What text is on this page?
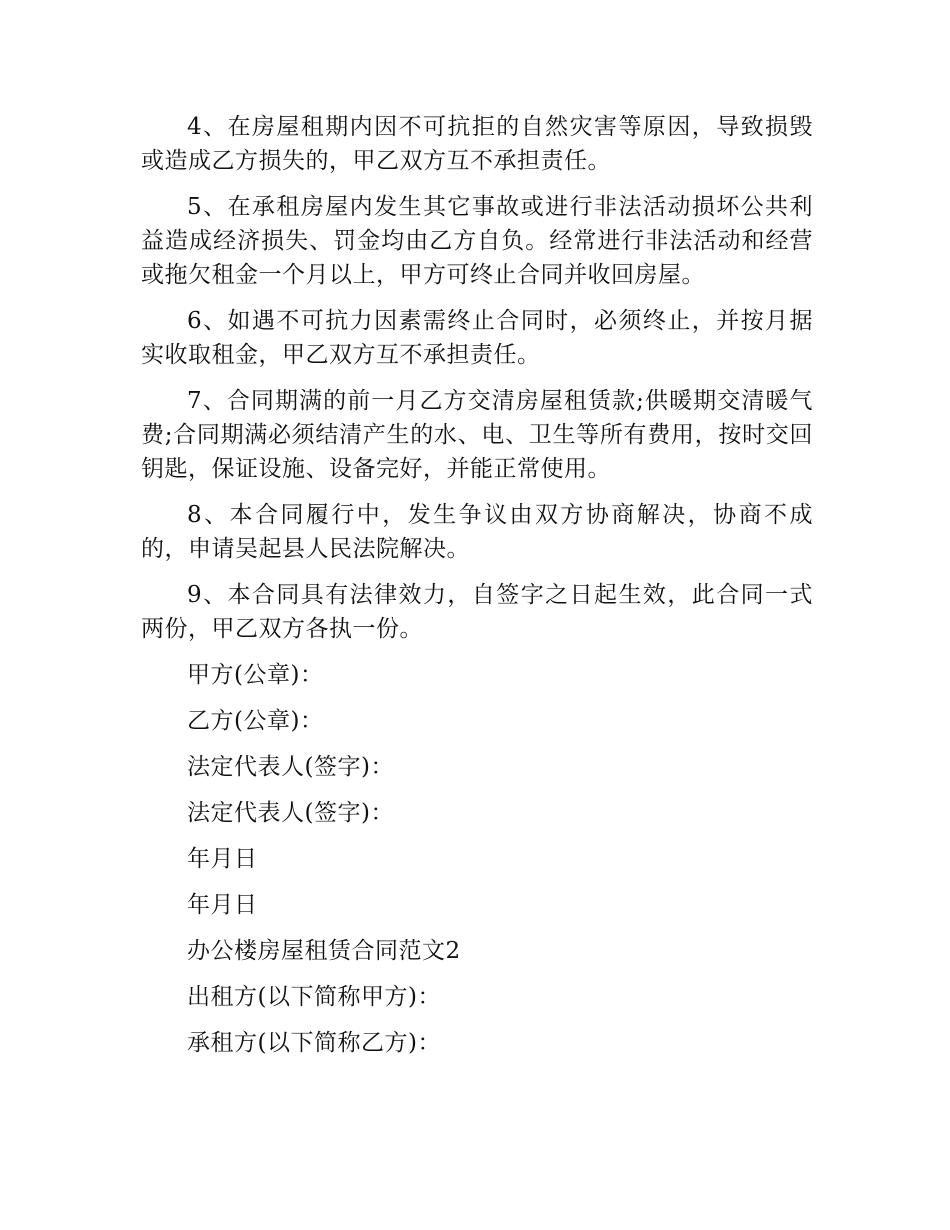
4、在房屋租期内因不可抗拒的自然灾害等原因，导致损毁或造成乙方损失的，甲乙双方互不承担责任。

5、在承租房屋内发生其它事故或进行非法活动损坏公共利益造成经济损失、罚金均由乙方自负。经常进行非法活动和经营或拖欠租金一个月以上，甲方可终止合同并收回房屋。

6、如遇不可抗力因素需终止合同时，必须终止，并按月据实收取租金，甲乙双方互不承担责任。

7、合同期满的前一月乙方交清房屋租赁款;供暖期交清暖气费;合同期满必须结清产生的水、电、卫生等所有费用，按时交回钥匙，保证设施、设备完好，并能正常使用。

8、本合同履行中，发生争议由双方协商解决，协商不成的，申请吴起县人民法院解决。

9、本合同具有法律效力，自签字之日起生效，此合同一式两份，甲乙双方各执一份。

甲方(公章)：

乙方(公章)：

法定代表人(签字)：

法定代表人(签字)：

年月日

年月日

办公楼房屋租赁合同范文2

出租方(以下简称甲方)：

承租方(以下简称乙方)：
